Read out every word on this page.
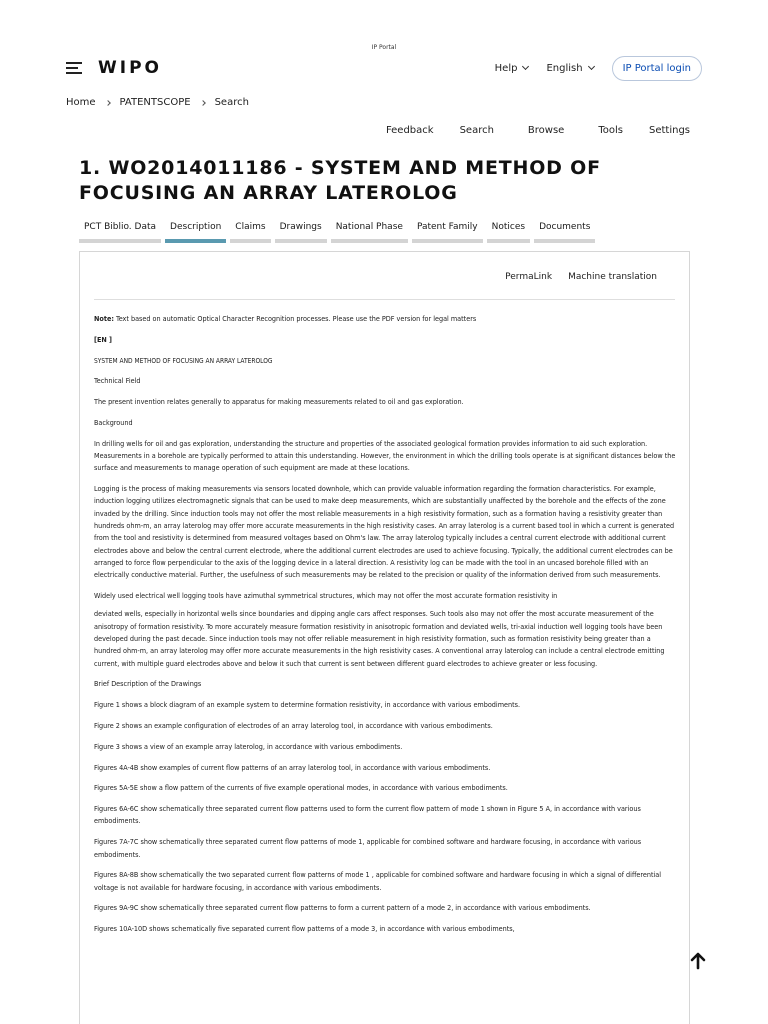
IP Portal
WIPO	Help	English	IP Portal login
Home PATENTSCOPE Search
Feedback	Search	Browse	Tools	Settings
1. WO2014011186 - SYSTEM AND METHOD OF FOCUSING AN ARRAY LATEROLOG
PCT Biblio. Data	Description	Claims	Drawings	National Phase	Patent Family	Notices	Documents
PermaLink Machine translation

Note: Text based on automatic Optical Character Recognition processes. Please use the PDF version for legal matters

[EN ]

SYSTEM AND METHOD OF FOCUSING AN ARRAY LATEROLOG

Technical Field

The present invention relates generally to apparatus for making measurements related to oil and gas exploration.

Background

In drilling wells for oil and gas exploration, understanding the structure and properties of the associated geological formation provides information to aid such exploration. Measurements in a borehole are typically performed to attain this understanding. However, the environment in which the drilling tools operate is at significant distances below the surface and measurements to manage operation of such equipment are made at these locations.

Logging is the process of making measurements via sensors located downhole, which can provide valuable information regarding the formation characteristics. For example, induction logging utilizes electromagnetic signals that can be used to make deep measurements, which are substantially unaffected by the borehole and the effects of the zone invaded by the drilling. Since induction tools may not offer the most reliable measurements in a high resistivity formation, such as a formation having a resistivity greater than hundreds ohm-m, an array laterolog may offer more accurate measurements in the high resistivity cases. An array laterolog is a current based tool in which a current is generated from the tool and resistivity is determined from measured voltages based on Ohm's law. The array laterolog typically includes a central current electrode with additional current electrodes above and below the central current electrode, where the additional current electrodes are used to achieve focusing. Typically, the additional current electrodes can be arranged to force flow perpendicular to the axis of the logging device in a lateral direction. A resistivity log can be made with the tool in an uncased borehole filled with an electrically conductive material. Further, the usefulness of such measurements may be related to the precision or quality of the information derived from such measurements.

Widely used electrical well logging tools have azimuthal symmetrical structures, which may not offer the most accurate formation resistivity in

deviated wells, especially in horizontal wells since boundaries and dipping angle cars affect responses. Such tools also may not offer the most accurate measurement of the anisotropy of formation resistivity. To more accurately measure formation resistivity in anisotropic formation and deviated wells, tri-axial induction well logging tools have been developed during the past decade. Since induction tools may not offer reliable measurement in high resistivity formation, such as formation resistivity being greater than a hundred ohm-m, an array laterolog may offer more accurate measurements in the high resistivity cases. A conventional array laterolog can include a central electrode emitting current, with multiple guard electrodes above and below it such that current is sent between different guard electrodes to achieve greater or less focusing.

Brief Description of the Drawings

Figure 1 shows a block diagram of an example system to determine formation resistivity, in accordance with various embodiments.

Figure 2 shows an example configuration of electrodes of an array laterolog tool, in accordance with various embodiments.

Figure 3 shows a view of an example array laterolog, in accordance with various embodiments.

Figures 4A-4B show examples of current flow patterns of an array laterolog tool, in accordance with various embodiments.

Figures 5A-5E show a flow pattern of the currents of five example operational modes, in accordance with various embodiments.

Figures 6A-6C show schematically three separated current flow patterns used to form the current flow pattern of mode 1 shown in Figure 5 A, in accordance with various embodiments.

Figures 7A-7C show schematically three separated current flow patterns of mode 1, applicable for combined software and hardware focusing, in accordance with various embodiments.

Figures 8A-8B show schematically the two separated current flow patterns of mode 1 , applicable for combined software and hardware focusing in which a signal of differential voltage is not available for hardware focusing, in accordance with various embodiments.

Figures 9A-9C show schematically three separated current flow patterns to form a current pattern of a mode 2, in accordance with various embodiments.

Figures 10A-10D shows schematically five separated current flow patterns of a mode 3, in accordance with various embodiments,
